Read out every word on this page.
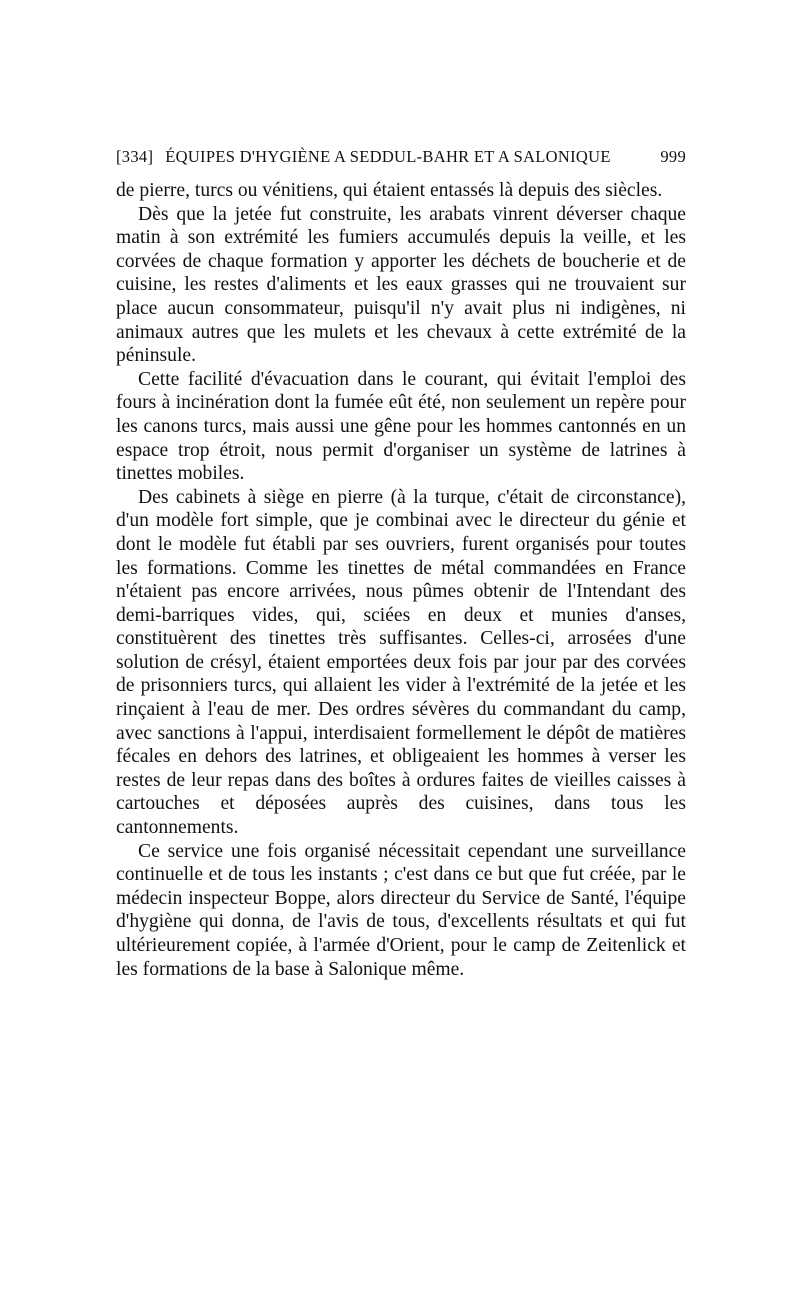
[334] ÉQUIPES D'HYGIÈNE A SEDDUL-BAHR ET A SALONIQUE	999

de pierre, turcs ou vénitiens, qui étaient entassés là depuis des siècles.

Dès que la jetée fut construite, les arabats vinrent déverser chaque matin à son extrémité les fumiers accumulés depuis la veille, et les corvées de chaque formation y apporter les déchets de boucherie et de cuisine, les restes d'aliments et les eaux grasses qui ne trouvaient sur place aucun consommateur, puisqu'il n'y avait plus ni indigènes, ni animaux autres que les mulets et les chevaux à cette extrémité de la péninsule.

Cette facilité d'évacuation dans le courant, qui évitait l'emploi des fours à incinération dont la fumée eût été, non seulement un repère pour les canons turcs, mais aussi une gêne pour les hommes cantonnés en un espace trop étroit, nous permit d'organiser un système de latrines à tinettes mobiles.

Des cabinets à siège en pierre (à la turque, c'était de circonstance), d'un modèle fort simple, que je combinai avec le directeur du génie et dont le modèle fut établi par ses ouvriers, furent organisés pour toutes les formations. Comme les tinettes de métal commandées en France n'étaient pas encore arrivées, nous pûmes obtenir de l'Intendant des demi-barriques vides, qui, sciées en deux et munies d'anses, constituèrent des tinettes très suffisantes. Celles-ci, arrosées d'une solution de crésyl, étaient emportées deux fois par jour par des corvées de prisonniers turcs, qui allaient les vider à l'extrémité de la jetée et les rinçaient à l'eau de mer. Des ordres sévères du commandant du camp, avec sanctions à l'appui, interdisaient formellement le dépôt de matières fécales en dehors des latrines, et obligeaient les hommes à verser les restes de leur repas dans des boîtes à ordures faites de vieilles caisses à cartouches et déposées auprès des cuisines, dans tous les cantonnements.

Ce service une fois organisé nécessitait cependant une surveillance continuelle et de tous les instants ; c'est dans ce but que fut créée, par le médecin inspecteur Boppe, alors directeur du Service de Santé, l'équipe d'hygiène qui donna, de l'avis de tous, d'excellents résultats et qui fut ultérieurement copiée, à l'armée d'Orient, pour le camp de Zeitenlick et les formations de la base à Salonique même.
